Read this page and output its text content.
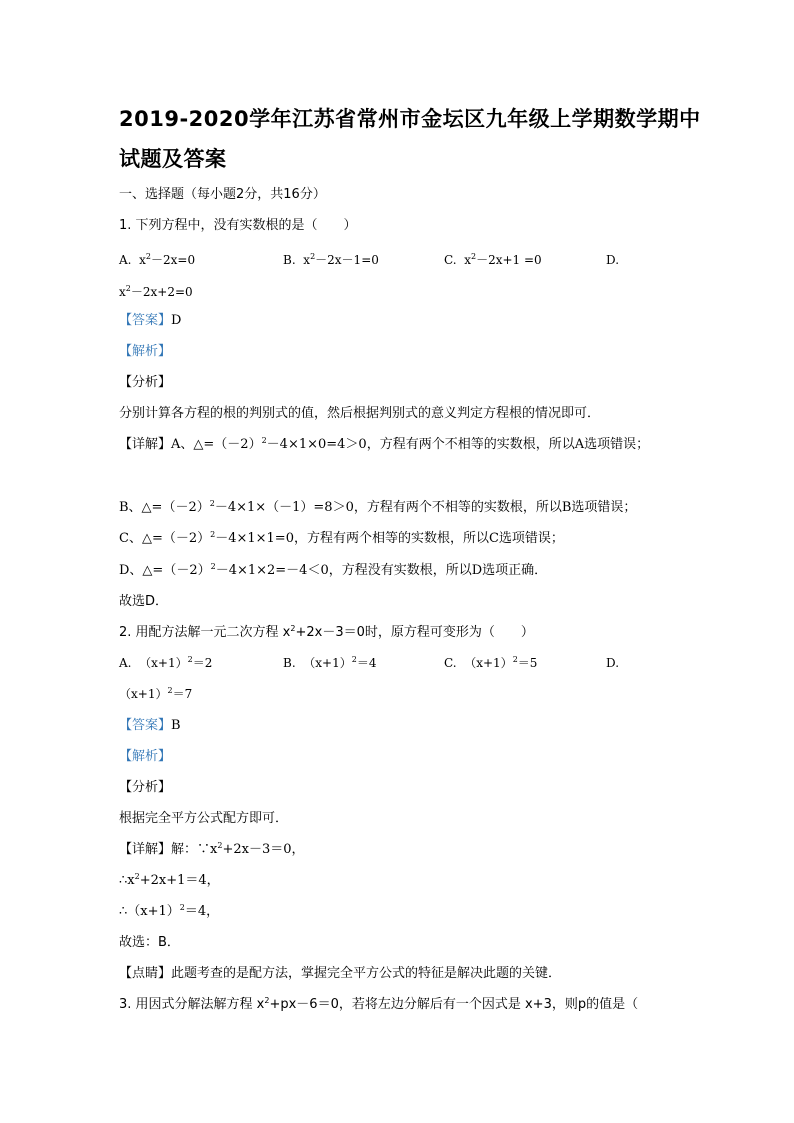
2019-2020学年江苏省常州市金坛区九年级上学期数学期中
试题及答案
一、选择题（每小题2分，共16分）
1. 下列方程中，没有实数根的是（　　）
A. $x^2-2x=0$	B. $x^2-2x-1=0$	C. $x^2-2x+1 =0$	D.
$x^2-2x+2=0$
【答案】D
【解析】
【分析】
分别计算各方程的根的判别式的值，然后根据判别式的意义判定方程根的情况即可．
【详解】A、$\triangle=(-2)^2-4\times 1\times 0=4>0$，方程有两个不相等的实数根，所以A选项错误；
B、$\triangle=(-2)^2-4\times 1\times(-1)=8>0$，方程有两个不相等的实数根，所以B选项错误；
C、$\triangle=(-2)^2-4\times 1\times 1=0$，方程有两个相等的实数根，所以C选项错误；
D、$\triangle=(-2)^2-4\times 1\times 2=-4<0$，方程没有实数根，所以D选项正确．
故选D．
2. 用配方法解一元二次方程 $x^2+2x-3=0$时，原方程可变形为（　　）
A. $(x+1)^2=2$	B. $(x+1)^2=4$	C. $(x+1)^2=5$	D.
$(x+1)^2=7$
【答案】B
【解析】
【分析】
根据完全平方公式配方即可．
【详解】解：$\because x^2+2x-3=0$，
$\therefore x^2+2x+1=4$，
$\therefore(x+1)^2=4$，
故选：B．
【点睛】此题考查的是配方法，掌握完全平方公式的特征是解决此题的关键．
3. 用因式分解法解方程 $x^2+px-6=0$，若将左边分解后有一个因式是 x+3，则p的值是（
